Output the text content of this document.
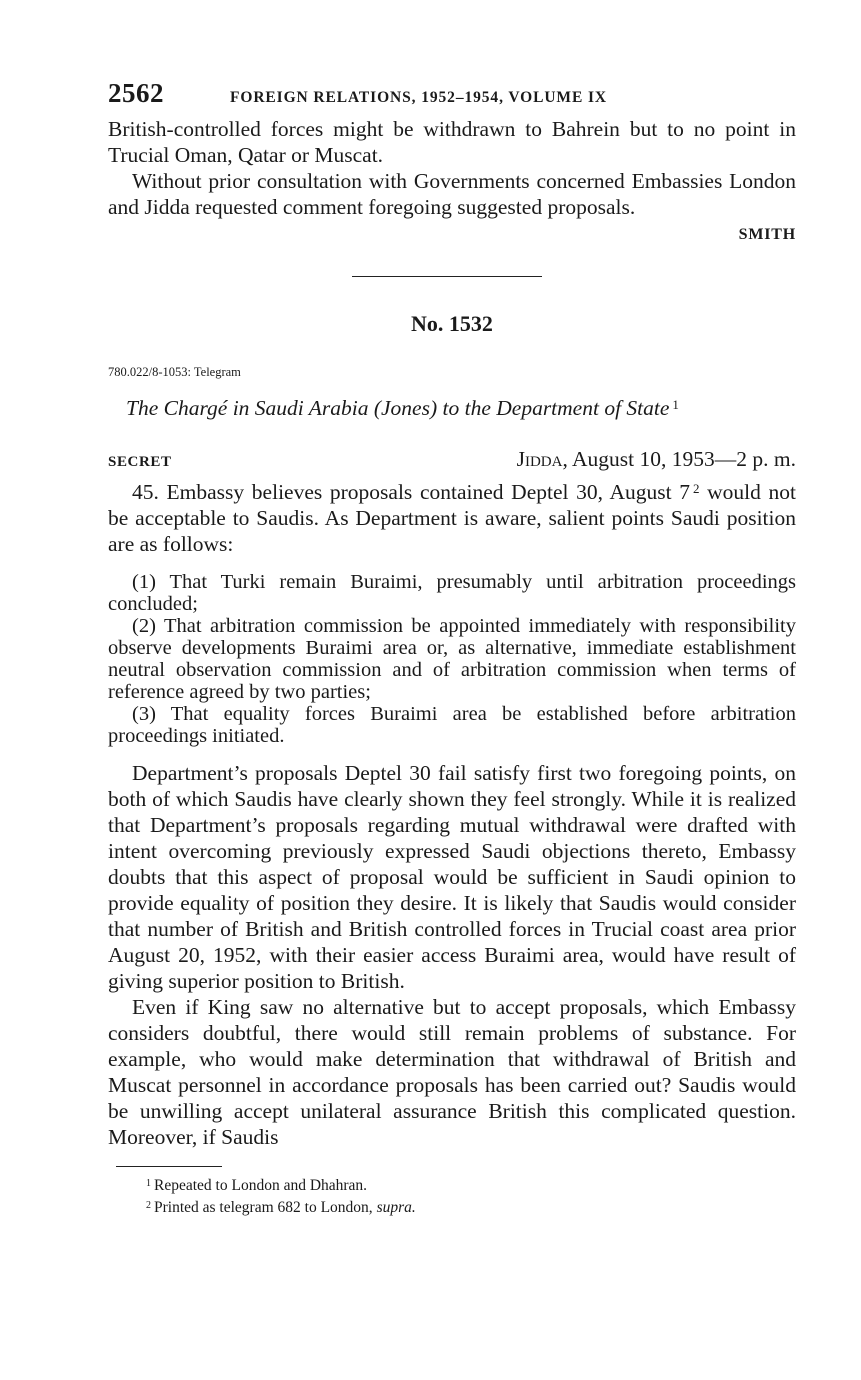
2562	FOREIGN RELATIONS, 1952–1954, VOLUME IX

British-controlled forces might be withdrawn to Bahrein but to no point in Trucial Oman, Qatar or Muscat.

Without prior consultation with Governments concerned Embassies London and Jidda requested comment foregoing suggested proposals.

SMITH
No. 1532
780.022/8-1053: Telegram
The Chargé in Saudi Arabia (Jones) to the Department of State $^1$
SECRET	Jidda, August 10, 1953—2 p. m.

45. Embassy believes proposals contained Deptel 30, August 7 $^2$ would not be acceptable to Saudis. As Department is aware, salient points Saudi position are as follows:

(1) That Turki remain Buraimi, presumably until arbitration proceedings concluded;

(2) That arbitration commission be appointed immediately with responsibility observe developments Buraimi area or, as alternative, immediate establishment neutral observation commission and of arbitration commission when terms of reference agreed by two parties;

(3) That equality forces Buraimi area be established before arbitration proceedings initiated.

Department’s proposals Deptel 30 fail satisfy first two foregoing points, on both of which Saudis have clearly shown they feel strongly. While it is realized that Department’s proposals regarding mutual withdrawal were drafted with intent overcoming previously expressed Saudi objections thereto, Embassy doubts that this aspect of proposal would be sufficient in Saudi opinion to provide equality of position they desire. It is likely that Saudis would consider that number of British and British controlled forces in Trucial coast area prior August 20, 1952, with their easier access Buraimi area, would have result of giving superior position to British.

Even if King saw no alternative but to accept proposals, which Embassy considers doubtful, there would still remain problems of substance. For example, who would make determination that withdrawal of British and Muscat personnel in accordance proposals has been carried out? Saudis would be unwilling accept unilateral assurance British this complicated question. Moreover, if Saudis

$^1$ Repeated to London and Dhahran.

$^2$ Printed as telegram 682 to London, supra.
